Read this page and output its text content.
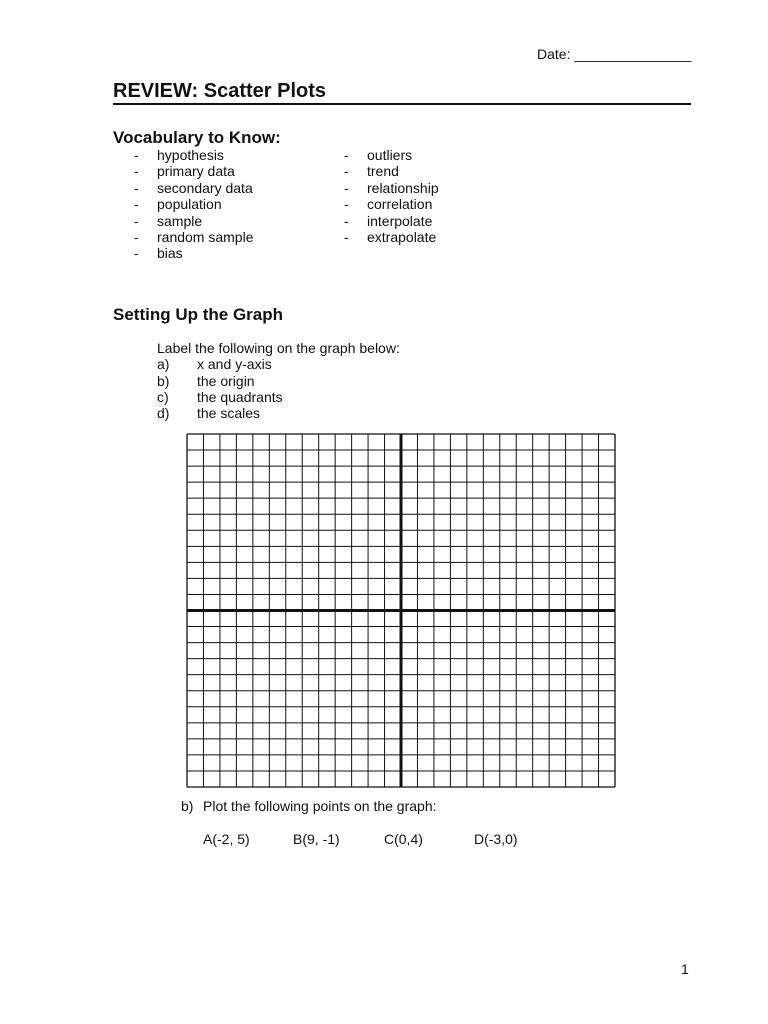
Date: _______________
REVIEW: Scatter Plots
Vocabulary to Know:
- hypothesis
- primary data
- secondary data
- population
- sample
- random sample
- bias
- outliers
- trend
- relationship
- correlation
- interpolate
- extrapolate
Setting Up the Graph
Label the following on the graph below:
a) x and y-axis
b) the origin
c) the quadrants
d) the scales
b) Plot the following points on the graph:
A(-2, 5)	B(9, -1)	C(0,4)	D(-3,0)
1
